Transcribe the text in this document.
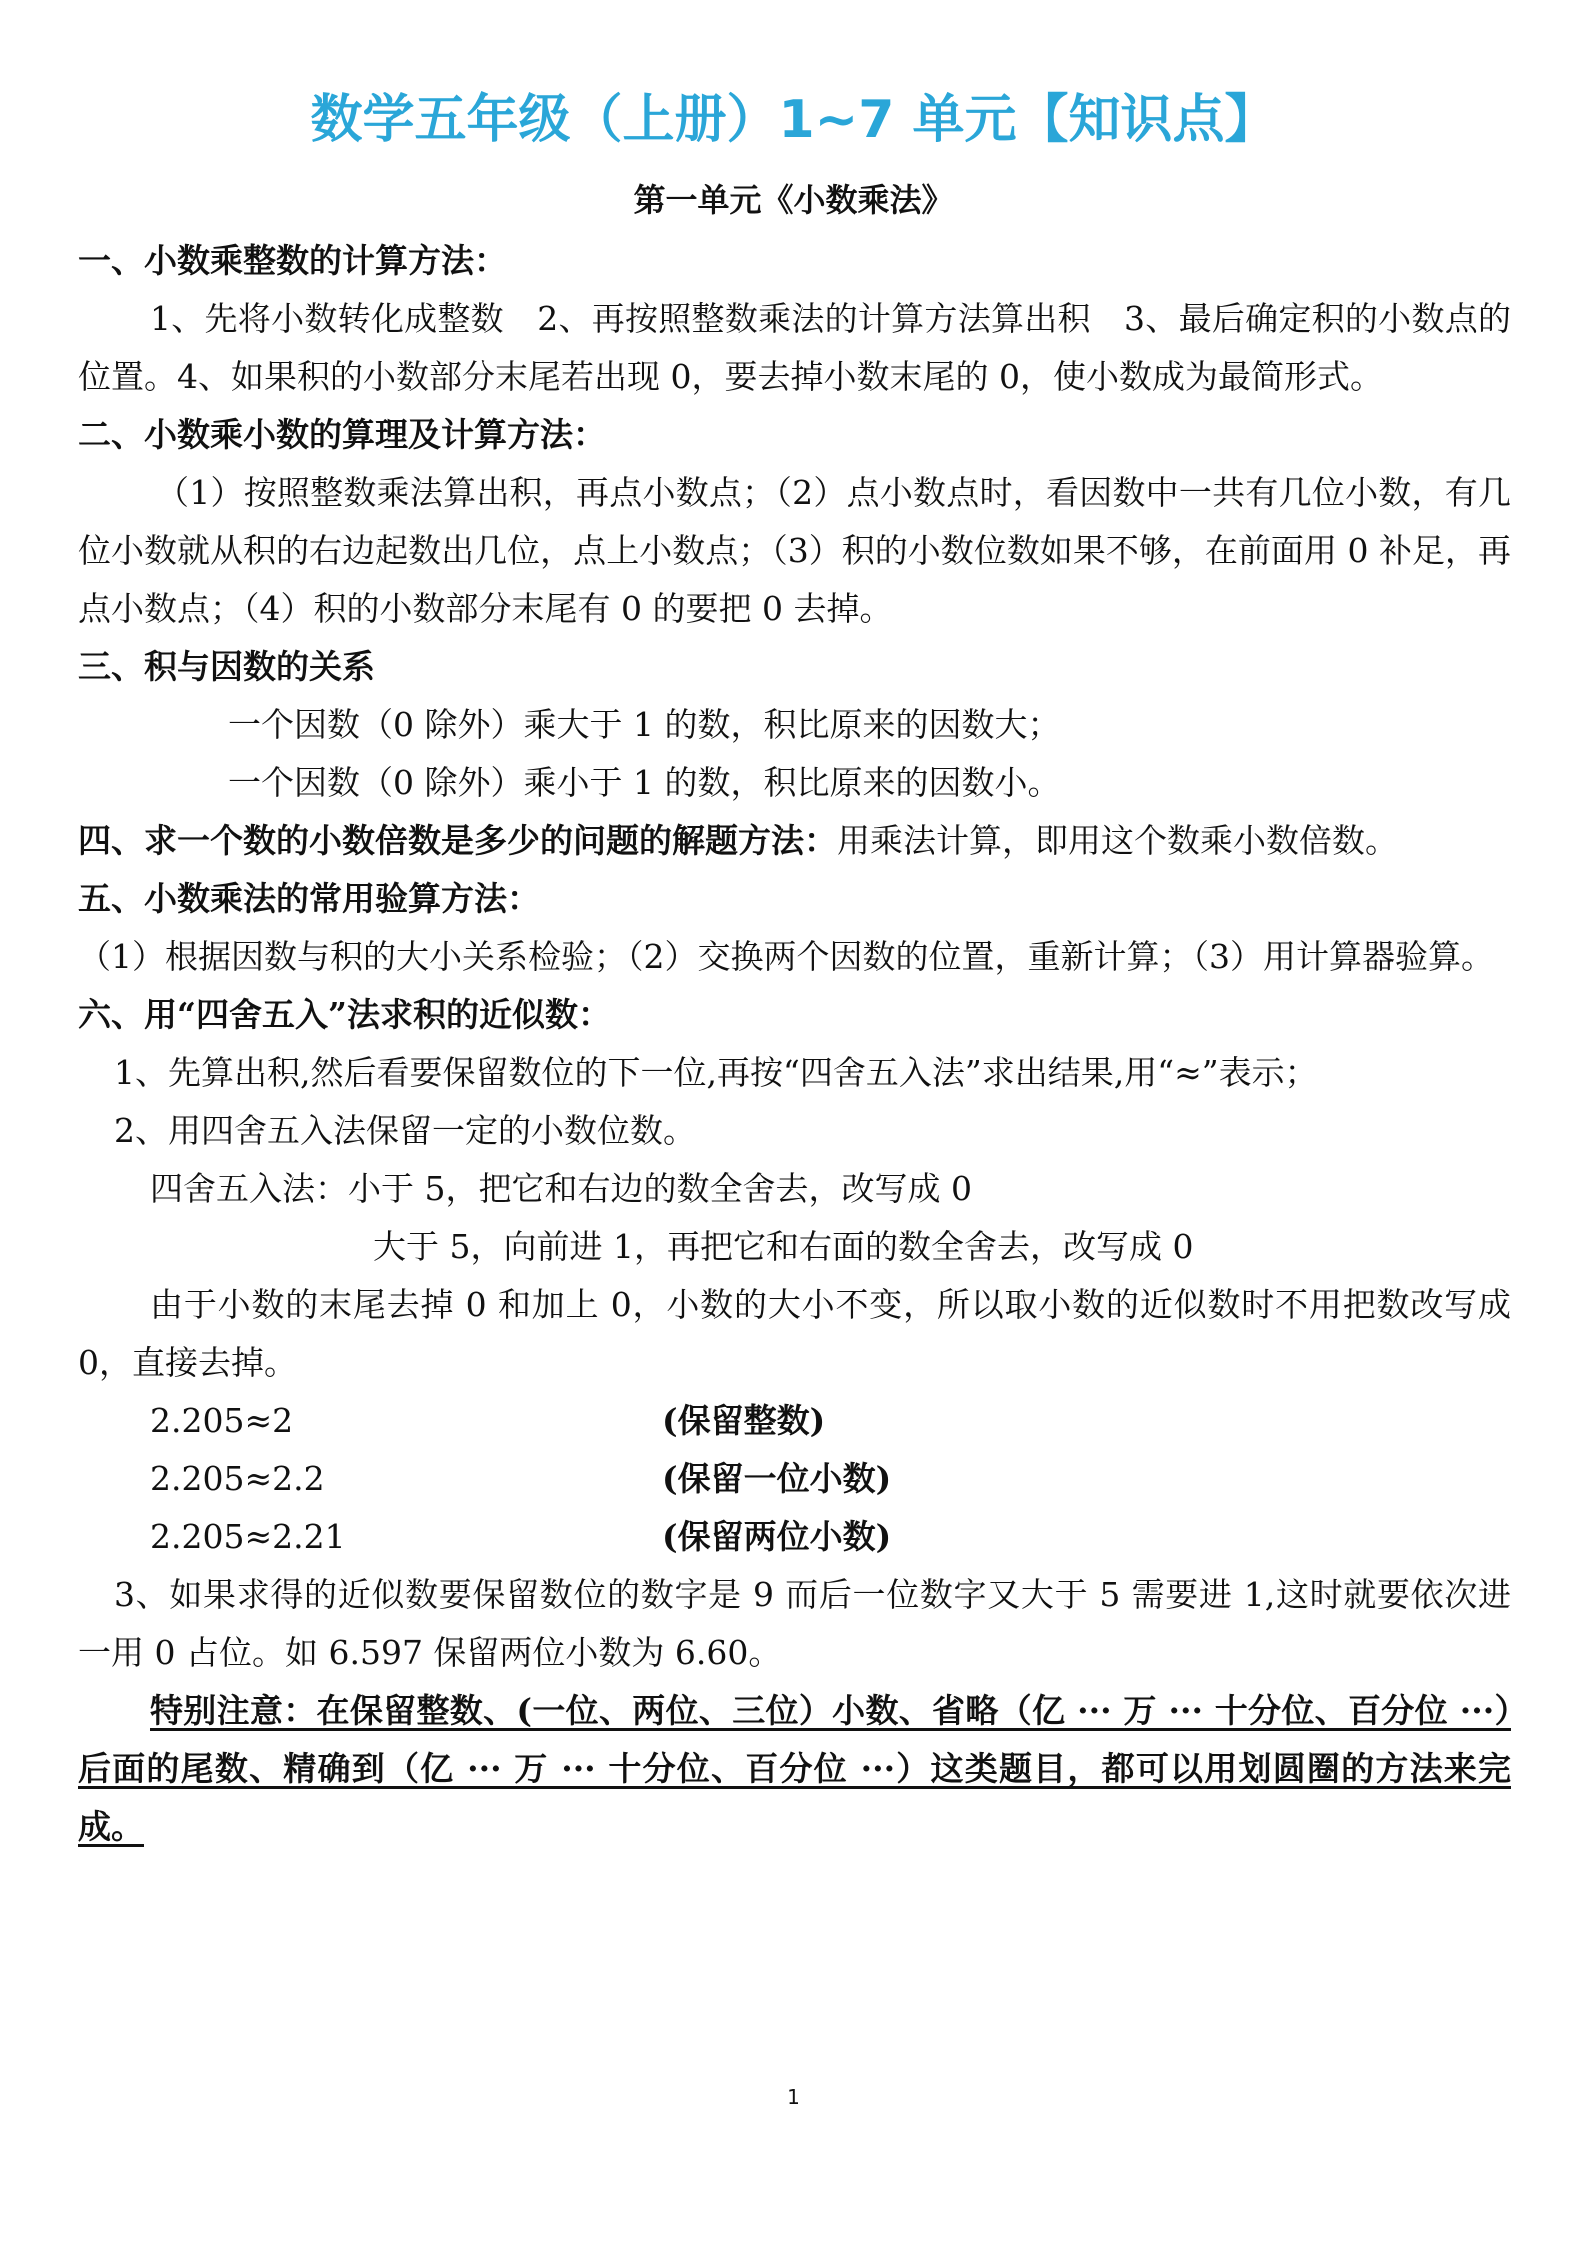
数学五年级（上册）1~7 单元【知识点】
第一单元《小数乘法》

一、小数乘整数的计算方法：

1、先将小数转化成整数　2、再按照整数乘法的计算方法算出积　3、最后确定积的小数点的位置。4、如果积的小数部分末尾若出现 0，要去掉小数末尾的 0，使小数成为最简形式。

二、小数乘小数的算理及计算方法：

（1）按照整数乘法算出积，再点小数点；（2）点小数点时，看因数中一共有几位小数，有几位小数就从积的右边起数出几位，点上小数点；（3）积的小数位数如果不够，在前面用 0 补足，再点小数点；（4）积的小数部分末尾有 0 的要把 0 去掉。

三、积与因数的关系

一个因数（0 除外）乘大于 1 的数，积比原来的因数大；

一个因数（0 除外）乘小于 1 的数，积比原来的因数小。

四、求一个数的小数倍数是多少的问题的解题方法：用乘法计算，即用这个数乘小数倍数。

五、小数乘法的常用验算方法：

（1）根据因数与积的大小关系检验；（2）交换两个因数的位置，重新计算；（3）用计算器验算。

六、用“四舍五入”法求积的近似数：

1、先算出积,然后看要保留数位的下一位,再按“四舍五入法”求出结果,用“≈”表示；

2、用四舍五入法保留一定的小数位数。

四舍五入法：小于 5，把它和右边的数全舍去，改写成 0

大于 5，向前进 1，再把它和右面的数全舍去，改写成 0

由于小数的末尾去掉 0 和加上 0，小数的大小不变，所以取小数的近似数时不用把数改写成 0，直接去掉。

2.205≈2	(保留整数)
2.205≈2.2	(保留一位小数)
2.205≈2.21	(保留两位小数)

3、如果求得的近似数要保留数位的数字是 9 而后一位数字又大于 5 需要进 1,这时就要依次进一用 0 占位。如 6.597 保留两位小数为 6.60。

特别注意：在保留整数、(一位、两位、三位）小数、省略（亿 ··· 万 ··· 十分位、百分位 ···）后面的尾数、精确到（亿 ··· 万 ··· 十分位、百分位 ···）这类题目，都可以用划圆圈的方法来完成。

1
